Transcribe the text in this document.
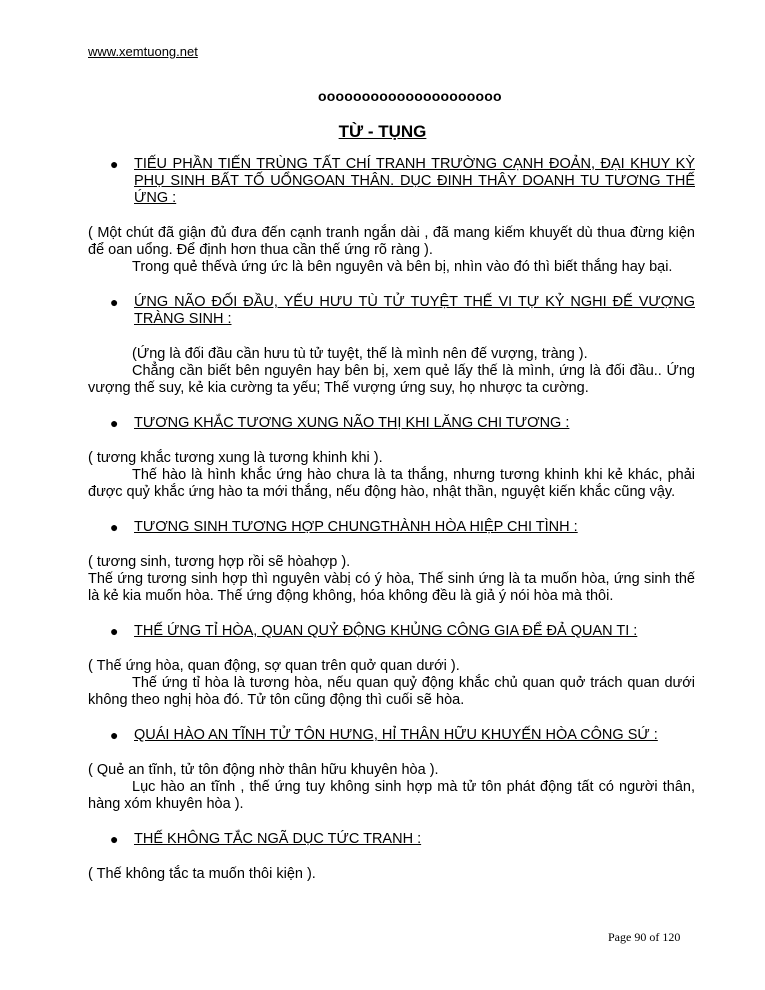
www.xemtuong.net
ooooooooooooooooooooo
TỪ - TỤNG
● TIẾU PHẦN TIẾN TRÙNG TẤT CHÍ TRANH TRƯỜNG CẠNH ĐOẢN, ĐẠI KHUY KỲ PHỤ SINH BẤT TỐ UỔNGOAN THÂN. DỤC ĐINH THÂY DOANH TU TƯƠNG THẾ ỨNG :

( Một chút đã giận đủ đưa đến cạnh tranh ngắn dài , đã mang kiếm khuyết dù thua đừng kiện để oan uổng. Để định hơn thua cần thế ứng rõ ràng ).

Trong quẻ thếvà ứng ức là bên nguyên và bên bị, nhìn vào đó thì biết thắng hay bại.

● ỨNG NÃO ĐỐI ĐẦU, YẾU HƯU TÙ TỬ TUYỆT THẾ VI TỰ KỶ NGHI ĐẾ VƯỢNG TRÀNG SINH :

(Ứng là đối đầu cần hưu tù tử tuyệt, thế là mình nên đế vượng, tràng ).

Chẳng cần biết bên nguyên hay bên bị, xem quẻ lấy thế là mình, ứng là đối đầu.. Ứng vượng thế suy, kẻ kia cường ta yếu; Thế vượng ứng suy, họ nhược ta cường.

● TƯƠNG KHẮC TƯƠNG XUNG NÃO THỊ KHI LĂNG CHI TƯƠNG :

( tương khắc tương xung là tương khinh khi ).

Thế hào là hình khắc ứng hào chưa là ta thắng, nhưng tương khinh khi kẻ khác, phải được quỷ khắc ứng hào ta mới thắng, nếu động hào, nhật thần, nguyệt kiến khắc cũng vậy.

● TƯƠNG SINH TƯƠNG HỢP CHUNGTHÀNH HÒA HIỆP CHI TÌNH :

( tương sinh, tương hợp rồi sẽ hòahợp ).

Thế ứng tương sinh hợp thì nguyên vàbị có ý hòa, Thế sinh ứng là ta muốn hòa, ứng sinh thế là kẻ kia muốn hòa. Thế ứng động không, hóa không đều là giả ý nói hòa mà thôi.

● THẾ ỨNG TỈ HÒA, QUAN QUỶ ĐỘNG KHỦNG CÔNG GIA ĐỂ ĐẢ QUAN TI :

( Thế ứng hòa, quan động, sợ quan trên quở quan dưới ).

Thế ứng tỉ hòa là tương hòa, nếu quan quỷ động khắc chủ quan quở trách quan dưới không theo nghị hòa đó. Tử tôn cũng động thì cuối sẽ hòa.

● QUÁI HÀO AN TĨNH TỬ TÔN HƯNG, HỈ THÂN HỮU KHUYẾN HÒA CÔNG SỨ :

( Quẻ an tĩnh, tử tôn động nhờ thân hữu khuyên hòa ).

Lục hào an tĩnh , thế ứng tuy không sinh hợp mà tử tôn phát động tất có người thân, hàng xóm khuyên hòa ).

● THẾ KHÔNG TẮC NGÃ DỤC TỨC TRANH :

( Thế không tắc ta muốn thôi kiện ).

Page 90 of 120
